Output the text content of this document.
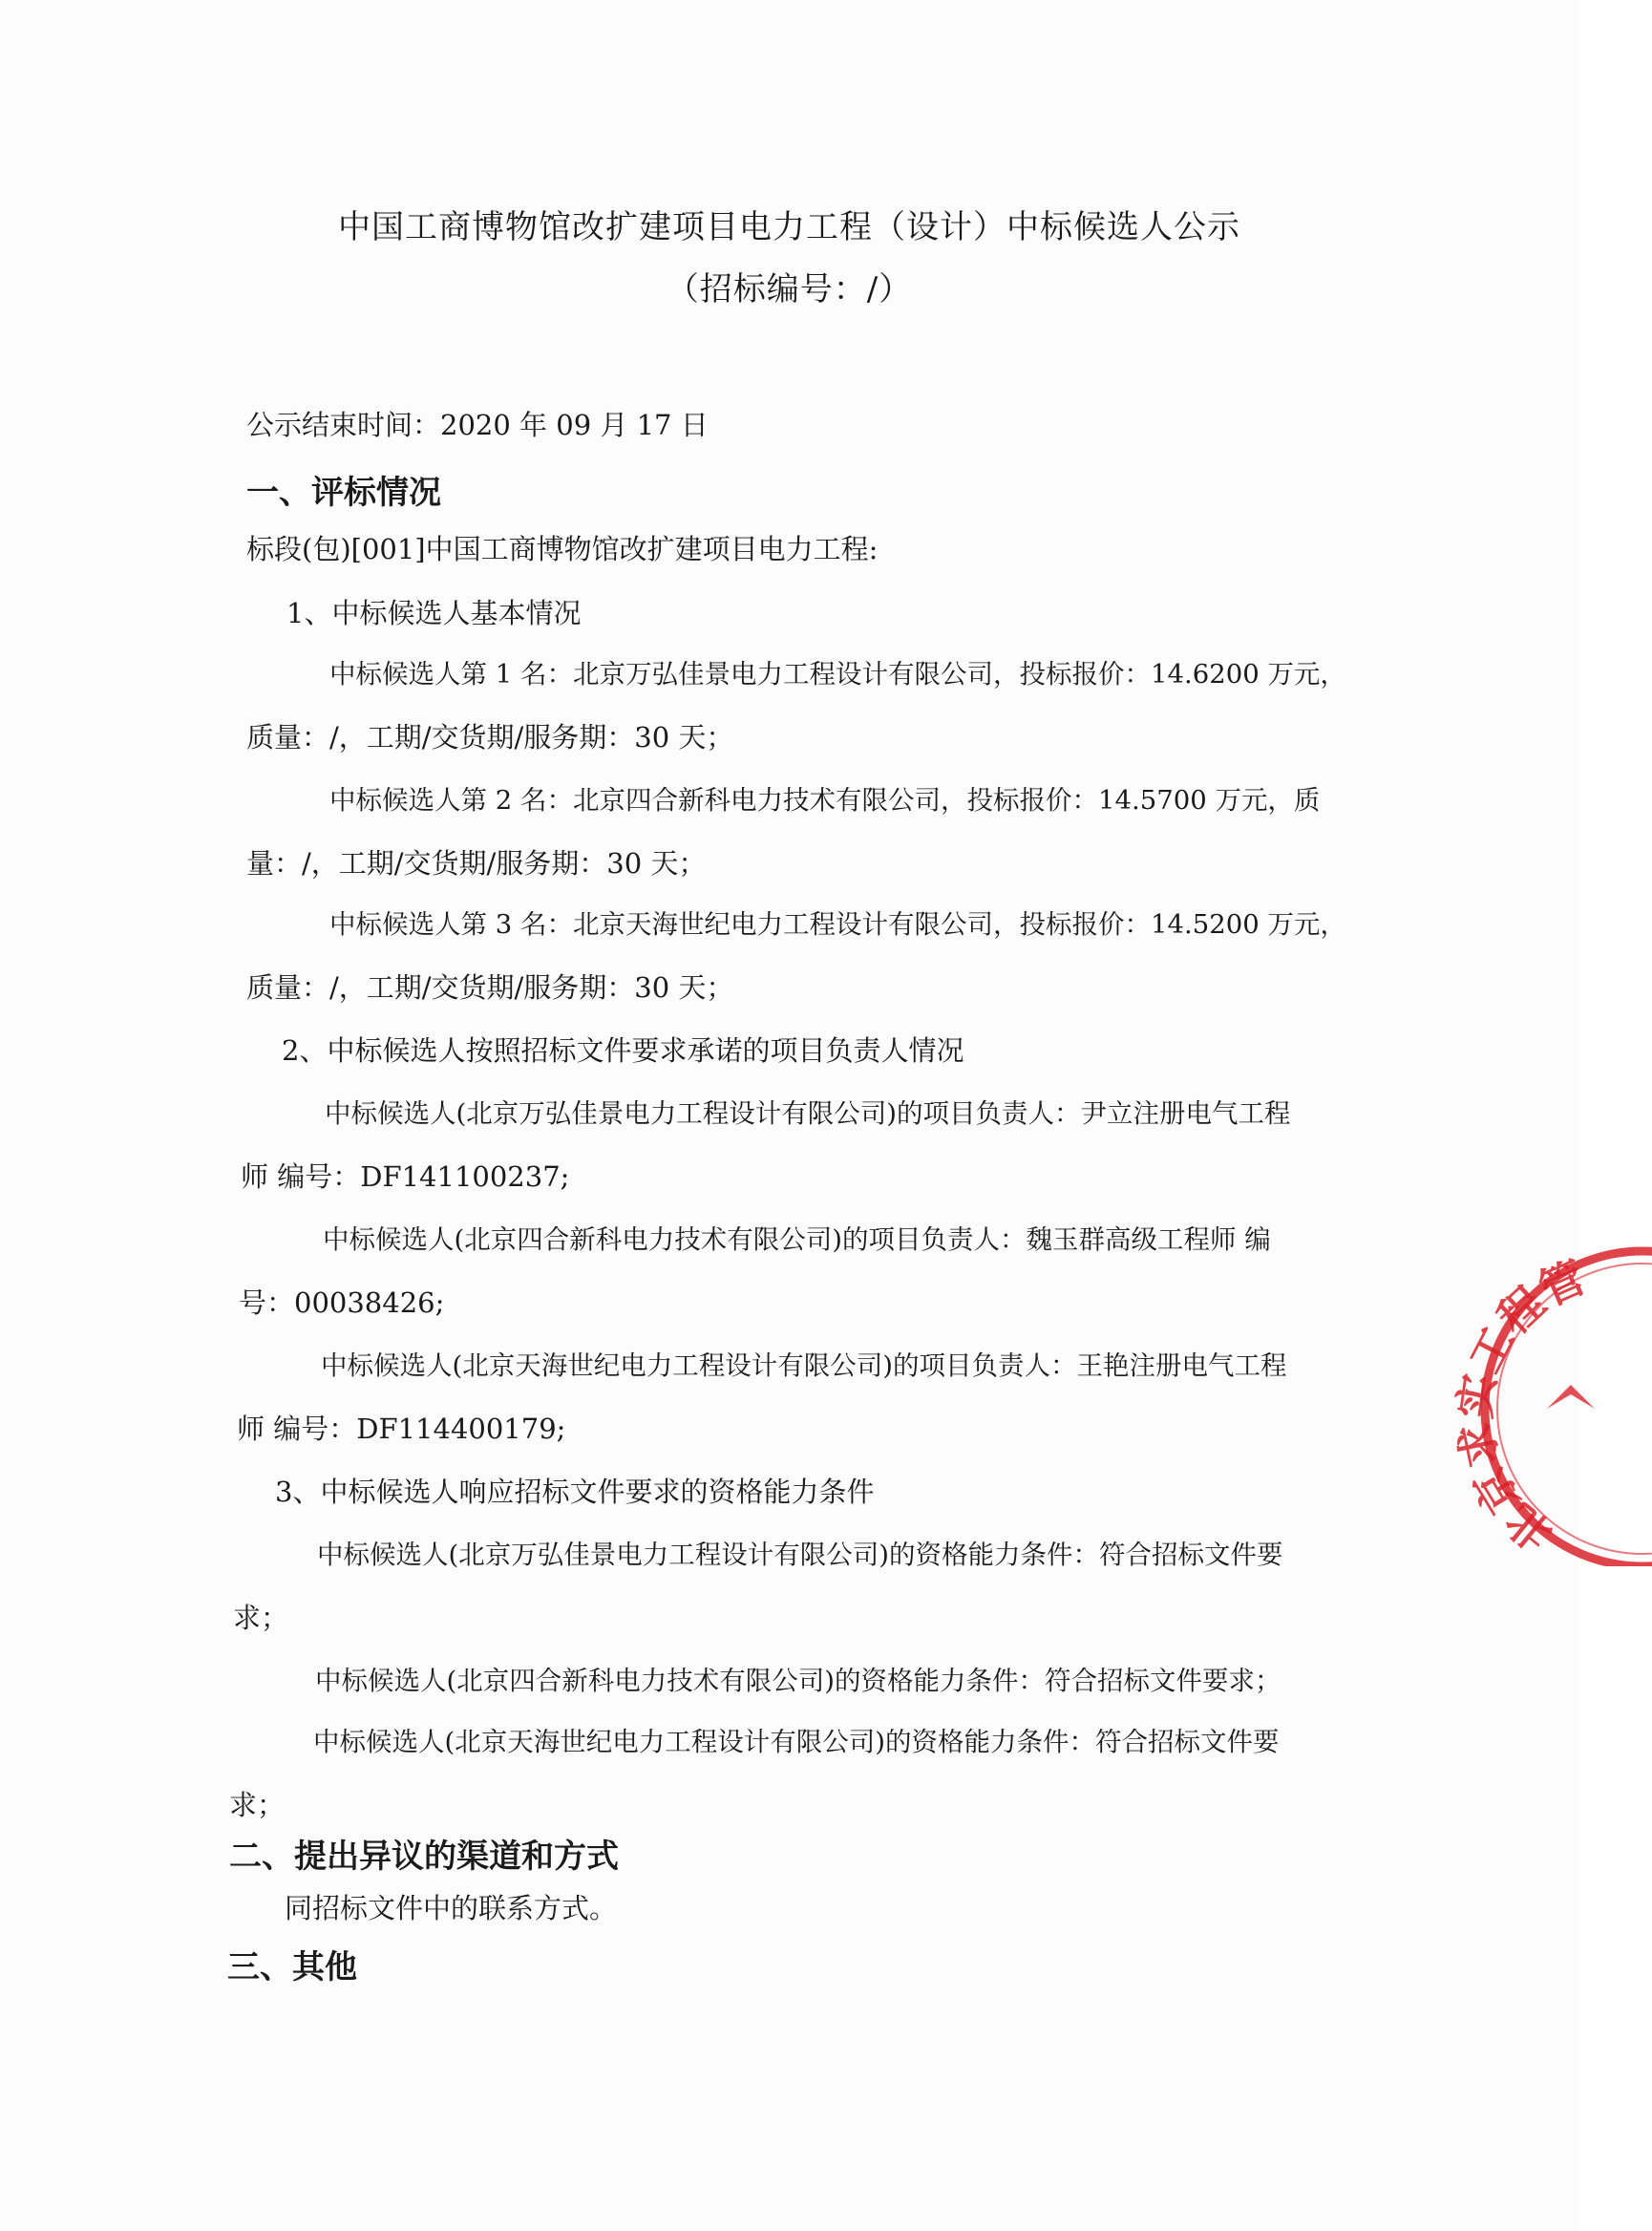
中国工商博物馆改扩建项目电力工程（设计）中标候选人公示
（招标编号：/）
公示结束时间：2020 年 09 月 17 日
一、评标情况
标段(包)[001]中国工商博物馆改扩建项目电力工程:
1、中标候选人基本情况
中标候选人第 1 名：北京万弘佳景电力工程设计有限公司，投标报价：14.6200 万元，
质量：/，工期/交货期/服务期：30 天；
中标候选人第 2 名：北京四合新科电力技术有限公司，投标报价：14.5700 万元，质
量：/，工期/交货期/服务期：30 天；
中标候选人第 3 名：北京天海世纪电力工程设计有限公司，投标报价：14.5200 万元，
质量：/，工期/交货期/服务期：30 天；
2、中标候选人按照招标文件要求承诺的项目负责人情况
中标候选人(北京万弘佳景电力工程设计有限公司)的项目负责人：尹立注册电气工程
师 编号：DF141100237;
中标候选人(北京四合新科电力技术有限公司)的项目负责人：魏玉群高级工程师 编
号：00038426;
中标候选人(北京天海世纪电力工程设计有限公司)的项目负责人：王艳注册电气工程
师 编号：DF114400179;
3、中标候选人响应招标文件要求的资格能力条件
中标候选人(北京万弘佳景电力工程设计有限公司)的资格能力条件：符合招标文件要
求；
中标候选人(北京四合新科电力技术有限公司)的资格能力条件：符合招标文件要求；
中标候选人(北京天海世纪电力工程设计有限公司)的资格能力条件：符合招标文件要
求；
二、提出异议的渠道和方式
同招标文件中的联系方式。
三、其他
北京求实工程管
